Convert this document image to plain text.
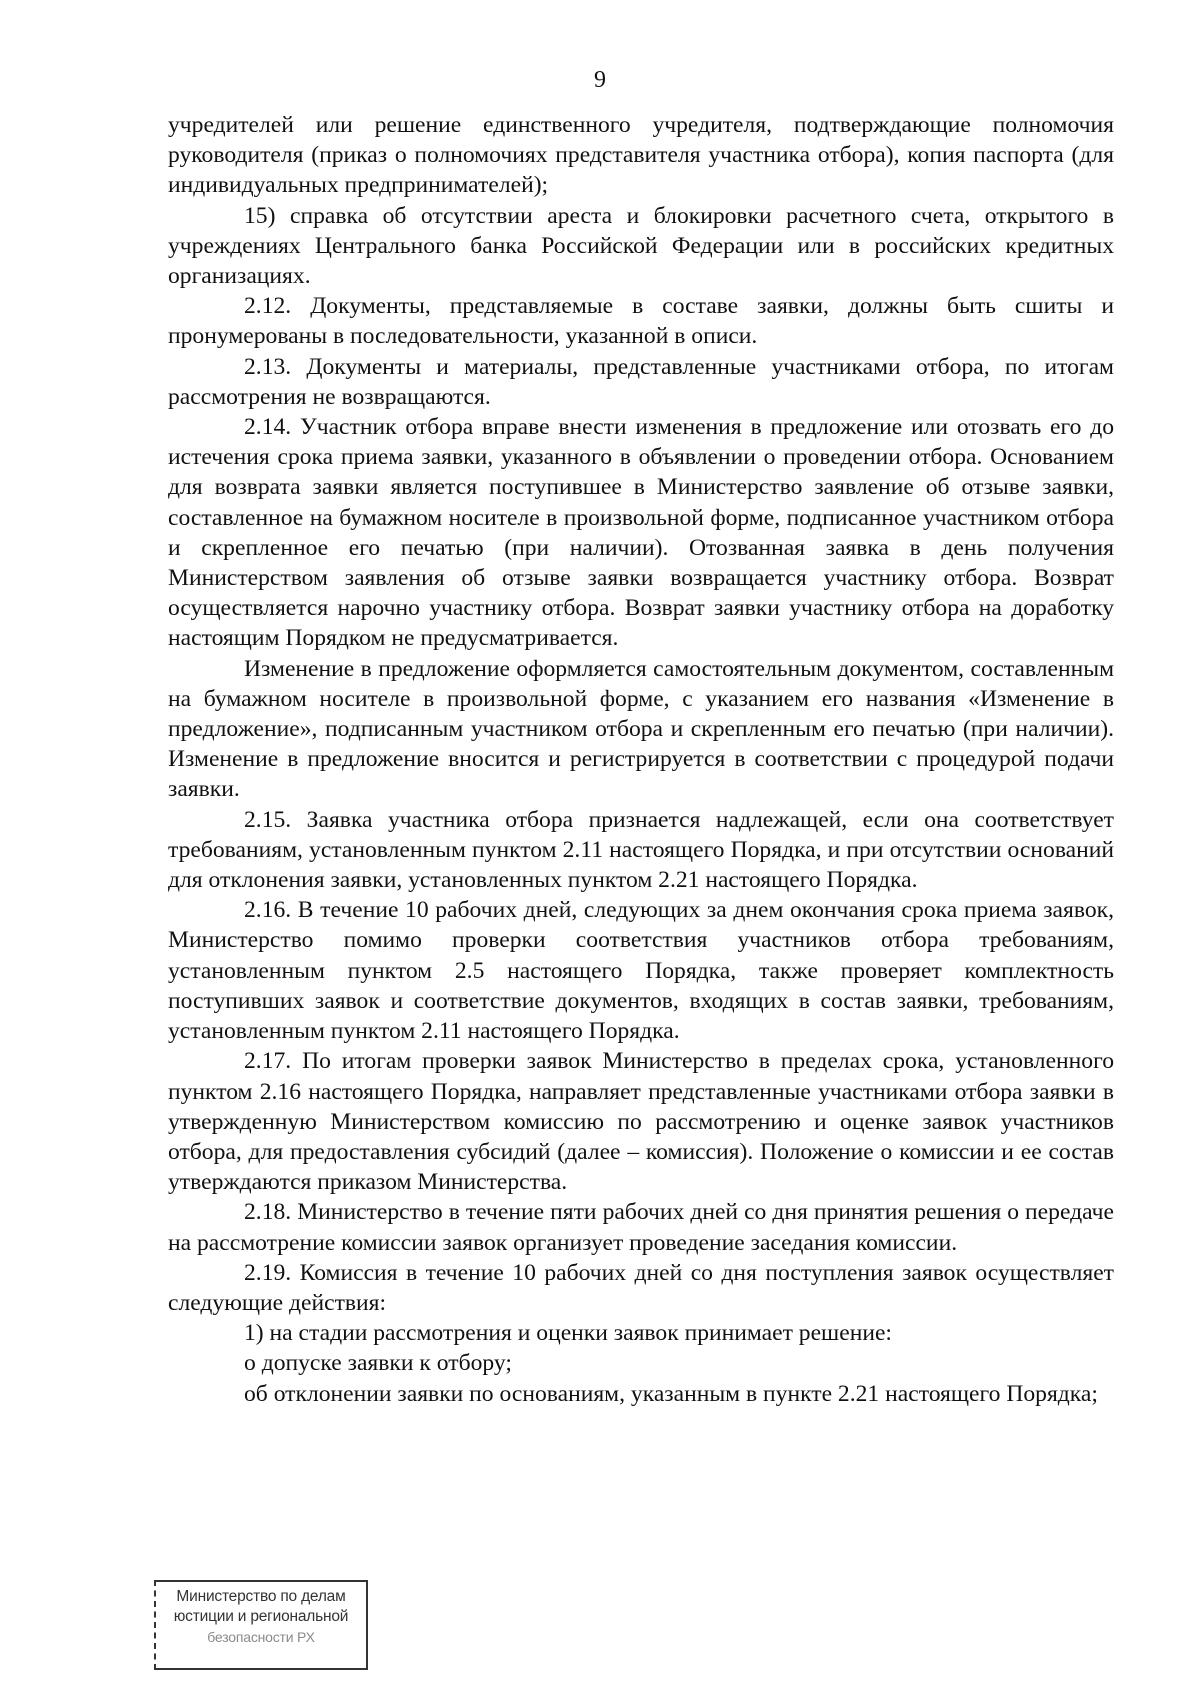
9

учредителей или решение единственного учредителя, подтверждающие полномочия руководителя (приказ о полномочиях представителя участника отбора), копия паспорта (для индивидуальных предпринимателей);

15) справка об отсутствии ареста и блокировки расчетного счета, открытого в учреждениях Центрального банка Российской Федерации или в российских кредитных организациях.

2.12. Документы, представляемые в составе заявки, должны быть сшиты и пронумерованы в последовательности, указанной в описи.

2.13. Документы и материалы, представленные участниками отбора, по итогам рассмотрения не возвращаются.

2.14. Участник отбора вправе внести изменения в предложение или отозвать его до истечения срока приема заявки, указанного в объявлении о проведении отбора. Основанием для возврата заявки является поступившее в Министерство заявление об отзыве заявки, составленное на бумажном носителе в произвольной форме, подписанное участником отбора и скрепленное его печатью (при наличии). Отозванная заявка в день получения Министерством заявления об отзыве заявки возвращается участнику отбора. Возврат осуществляется нарочно участнику отбора. Возврат заявки участнику отбора на доработку настоящим Порядком не предусматривается.

Изменение в предложение оформляется самостоятельным документом, составленным на бумажном носителе в произвольной форме, с указанием его названия «Изменение в предложение», подписанным участником отбора и скрепленным его печатью (при наличии). Изменение в предложение вносится и регистрируется в соответствии с процедурой подачи заявки.

2.15. Заявка участника отбора признается надлежащей, если она соответствует требованиям, установленным пунктом 2.11 настоящего Порядка, и при отсутствии оснований для отклонения заявки, установленных пунктом 2.21 настоящего Порядка.

2.16. В течение 10 рабочих дней, следующих за днем окончания срока приема заявок, Министерство помимо проверки соответствия участников отбора требованиям, установленным пунктом 2.5 настоящего Порядка, также проверяет комплектность поступивших заявок и соответствие документов, входящих в состав заявки, требованиям, установленным пунктом 2.11 настоящего Порядка.

2.17. По итогам проверки заявок Министерство в пределах срока, установленного пунктом 2.16 настоящего Порядка, направляет представленные участниками отбора заявки в утвержденную Министерством комиссию по рассмотрению и оценке заявок участников отбора, для предоставления субсидий (далее – комиссия). Положение о комиссии и ее состав утверждаются приказом Министерства.

2.18. Министерство в течение пяти рабочих дней со дня принятия решения о передаче на рассмотрение комиссии заявок организует проведение заседания комиссии.

2.19. Комиссия в течение 10 рабочих дней со дня поступления заявок осуществляет следующие действия:

1) на стадии рассмотрения и оценки заявок принимает решение:

о допуске заявки к отбору;

об отклонении заявки по основаниям, указанным в пункте 2.21 настоящего Порядка;

Министерство по делам
юстиции и региональной
безопасности РХ
